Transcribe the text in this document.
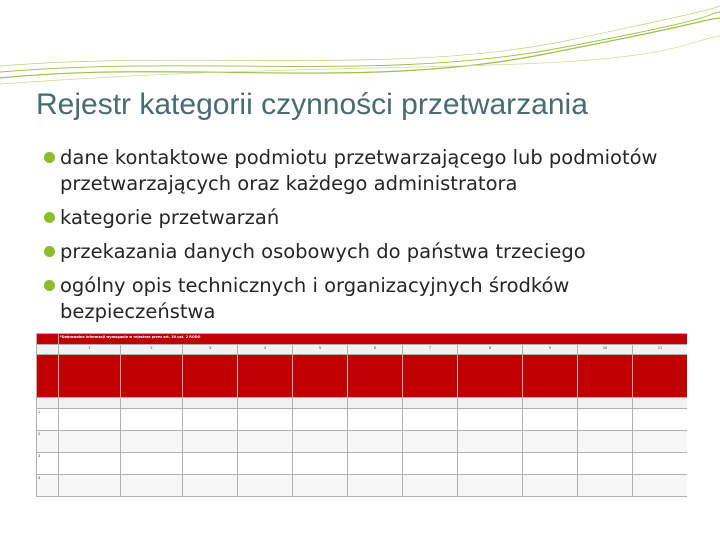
Rejestr kategorii czynności przetwarzania
dane kontaktowe podmiotu przetwarzającego lub podmiotów przetwarzających oraz każdego administratora
kategorie przetwarzań
przekazania danych osobowych do państwa trzeciego
ogólny opis technicznych i organizacyjnych środków bezpieczeństwa
	*Dobrowolne informacji wymaganie w rejestrze przez art. 30 ust. 2 RODO										
	1	2	3	4	5	6	7	8	9	10	11

1											
2											
3											
4											
